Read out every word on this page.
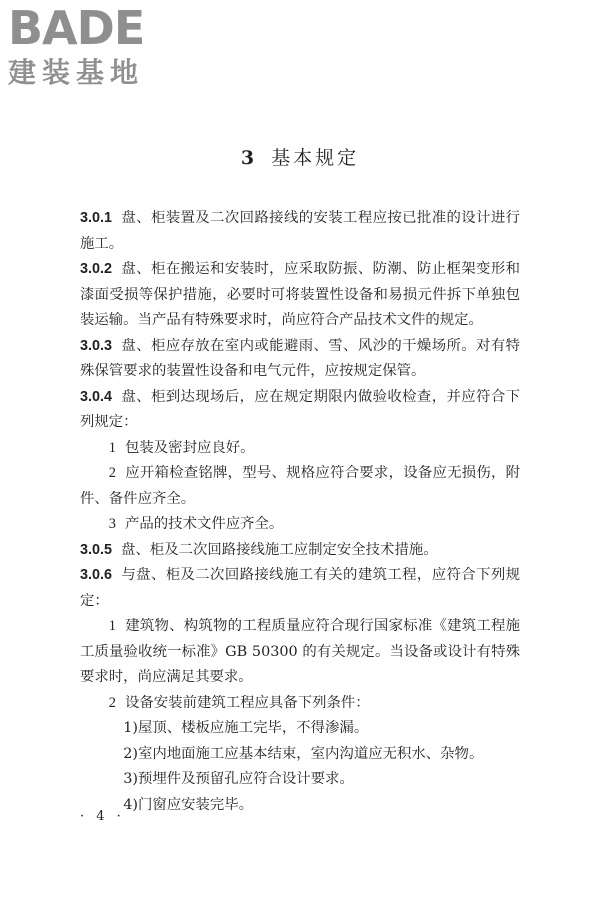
BADE
建装基地
3 基本规定

3.0.1 盘、柜装置及二次回路接线的安装工程应按已批准的设计进行施工。

3.0.2 盘、柜在搬运和安装时，应采取防振、防潮、防止框架变形和漆面受损等保护措施，必要时可将装置性设备和易损元件拆下单独包装运输。当产品有特殊要求时，尚应符合产品技术文件的规定。

3.0.3 盘、柜应存放在室内或能避雨、雪、风沙的干燥场所。对有特殊保管要求的装置性设备和电气元件，应按规定保管。

3.0.4 盘、柜到达现场后，应在规定期限内做验收检查，并应符合下列规定：

1 包装及密封应良好。

2 应开箱检查铭牌，型号、规格应符合要求，设备应无损伤，附件、备件应齐全。

3 产品的技术文件应齐全。

3.0.5 盘、柜及二次回路接线施工应制定安全技术措施。

3.0.6 与盘、柜及二次回路接线施工有关的建筑工程，应符合下列规定：

1 建筑物、构筑物的工程质量应符合现行国家标准《建筑工程施工质量验收统一标准》GB 50300 的有关规定。当设备或设计有特殊要求时，尚应满足其要求。

2 设备安装前建筑工程应具备下列条件：

1)屋顶、楼板应施工完毕，不得渗漏。

2)室内地面施工应基本结束，室内沟道应无积水、杂物。

3)预埋件及预留孔应符合设计要求。

4)门窗应安装完毕。

· 4 ·
